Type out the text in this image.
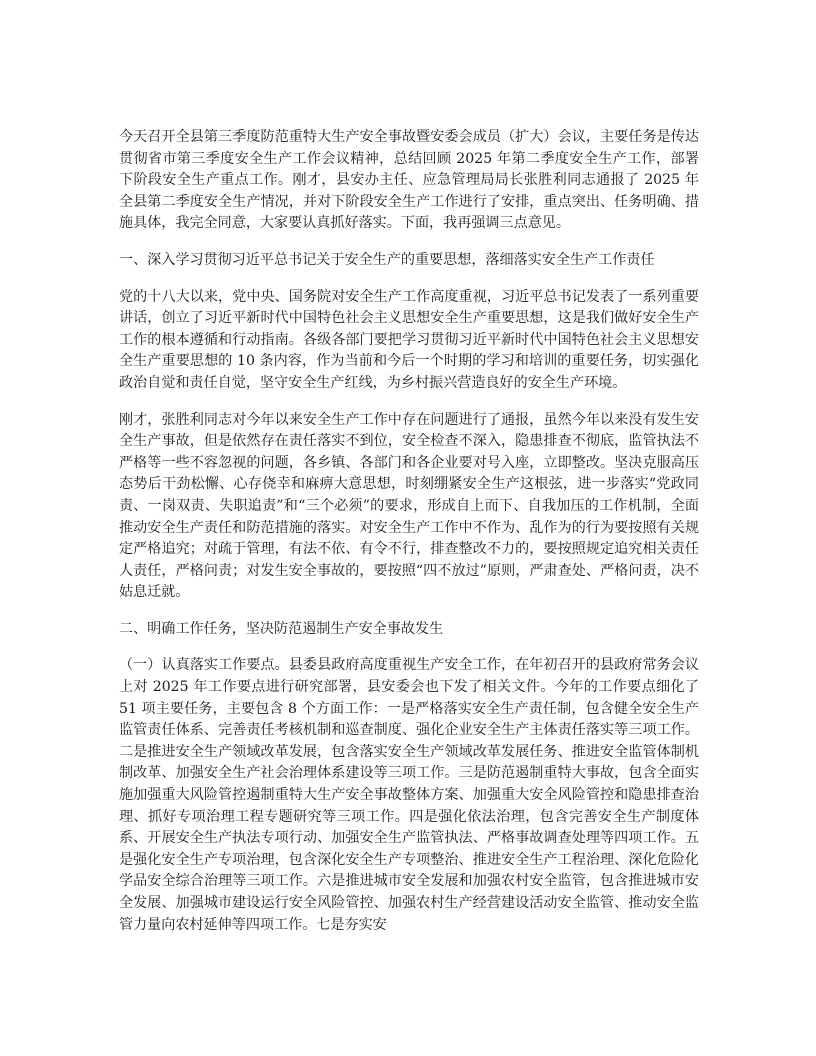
今天召开全县第三季度防范重特大生产安全事故暨安委会成员（扩大）会议，主要任务是传达贯彻省市第三季度安全生产工作会议精神，总结回顾 2025 年第二季度安全生产工作，部署下阶段安全生产重点工作。刚才，县安办主任、应急管理局局长张胜利同志通报了 2025 年全县第二季度安全生产情况，并对下阶段安全生产工作进行了安排，重点突出、任务明确、措施具体，我完全同意，大家要认真抓好落实。下面，我再强调三点意见。

一、深入学习贯彻习近平总书记关于安全生产的重要思想，落细落实安全生产工作责任

党的十八大以来，党中央、国务院对安全生产工作高度重视，习近平总书记发表了一系列重要讲话，创立了习近平新时代中国特色社会主义思想安全生产重要思想，这是我们做好安全生产工作的根本遵循和行动指南。各级各部门要把学习贯彻习近平新时代中国特色社会主义思想安全生产重要思想的 10 条内容，作为当前和今后一个时期的学习和培训的重要任务，切实强化政治自觉和责任自觉，坚守安全生产红线，为乡村振兴营造良好的安全生产环境。

刚才，张胜利同志对今年以来安全生产工作中存在问题进行了通报，虽然今年以来没有发生安全生产事故，但是依然存在责任落实不到位，安全检查不深入，隐患排查不彻底，监管执法不严格等一些不容忽视的问题，各乡镇、各部门和各企业要对号入座，立即整改。坚决克服高压态势后干劲松懈、心存侥幸和麻痹大意思想，时刻绷紧安全生产这根弦，进一步落实“党政同责、一岗双责、失职追责”和“三个必须”的要求，形成自上而下、自我加压的工作机制，全面推动安全生产责任和防范措施的落实。对安全生产工作中不作为、乱作为的行为要按照有关规定严格追究；对疏于管理，有法不依、有令不行，排查整改不力的，要按照规定追究相关责任人责任，严格问责；对发生安全事故的，要按照“四不放过”原则，严肃查处、严格问责，决不姑息迁就。

二、明确工作任务，坚决防范遏制生产安全事故发生

（一）认真落实工作要点。县委县政府高度重视生产安全工作，在年初召开的县政府常务会议上对 2025 年工作要点进行研究部署，县安委会也下发了相关文件。今年的工作要点细化了 51 项主要任务，主要包含 8 个方面工作：一是严格落实安全生产责任制，包含健全安全生产监管责任体系、完善责任考核机制和巡查制度、强化企业安全生产主体责任落实等三项工作。二是推进安全生产领域改革发展，包含落实安全生产领域改革发展任务、推进安全监管体制机制改革、加强安全生产社会治理体系建设等三项工作。三是防范遏制重特大事故，包含全面实施加强重大风险管控遏制重特大生产安全事故整体方案、加强重大安全风险管控和隐患排查治理、抓好专项治理工程专题研究等三项工作。四是强化依法治理，包含完善安全生产制度体系、开展安全生产执法专项行动、加强安全生产监管执法、严格事故调查处理等四项工作。五是强化安全生产专项治理，包含深化安全生产专项整治、推进安全生产工程治理、深化危险化学品安全综合治理等三项工作。六是推进城市安全发展和加强农村安全监管，包含推进城市安全发展、加强城市建设运行安全风险管控、加强农村生产经营建设活动安全监管、推动安全监管力量向农村延伸等四项工作。七是夯实安
